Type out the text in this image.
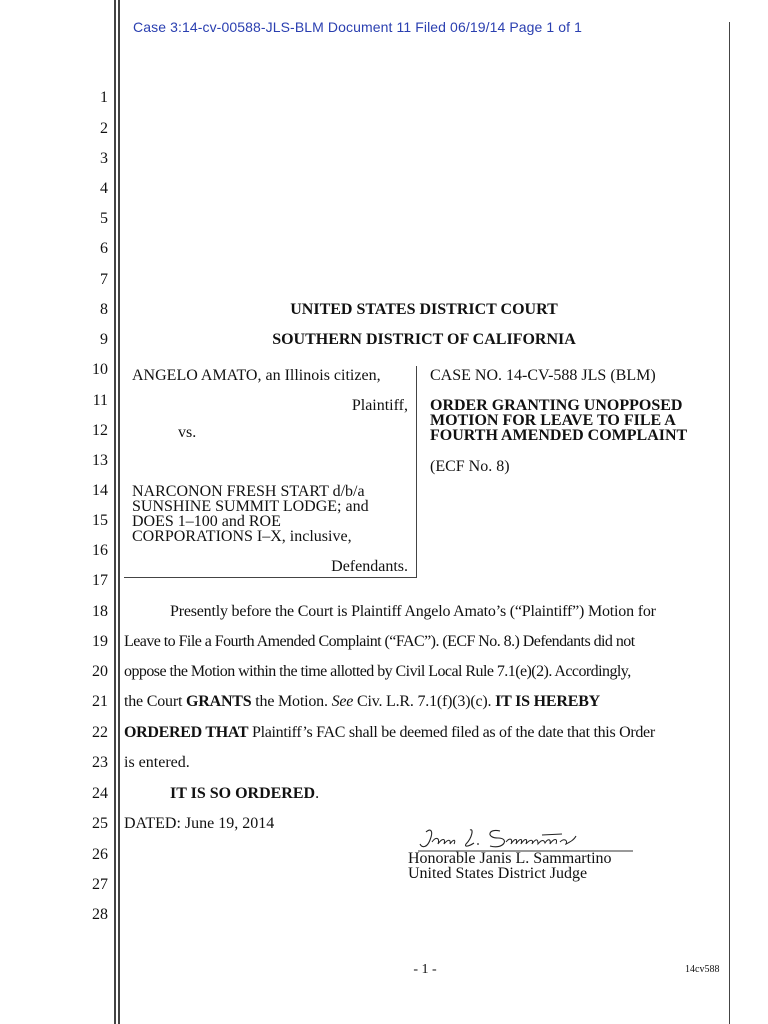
Case 3:14-cv-00588-JLS-BLM Document 11 Filed 06/19/14 Page 1 of 1
1
2
3
4
5
6
7
8
9
10
11
12
13
14
15
16
17
18
19
20
21
22
23
24
25
26
27
28
UNITED STATES DISTRICT COURT
SOUTHERN DISTRICT OF CALIFORNIA
ANGELO AMATO, an Illinois citizen,
Plaintiff,
vs.
NARCONON FRESH START d/b/a
SUNSHINE SUMMIT LODGE; and
DOES 1–100 and ROE
CORPORATIONS I–X, inclusive,
Defendants.
CASE NO. 14-CV-588 JLS (BLM)
ORDER GRANTING UNOPPOSED
MOTION FOR LEAVE TO FILE A
FOURTH AMENDED COMPLAINT
(ECF No. 8)
Presently before the Court is Plaintiff Angelo Amato’s (“Plaintiff”) Motion for
Leave to File a Fourth Amended Complaint (“FAC”). (ECF No. 8.) Defendants did not
oppose the Motion within the time allotted by Civil Local Rule 7.1(e)(2). Accordingly,
the Court GRANTS the Motion. See Civ. L.R. 7.1(f)(3)(c). IT IS HEREBY
ORDERED THAT Plaintiff’s FAC shall be deemed filed as of the date that this Order
is entered.
IT IS SO ORDERED.
DATED: June 19, 2014
Honorable Janis L. Sammartino
United States District Judge
- 1 -	14cv588
